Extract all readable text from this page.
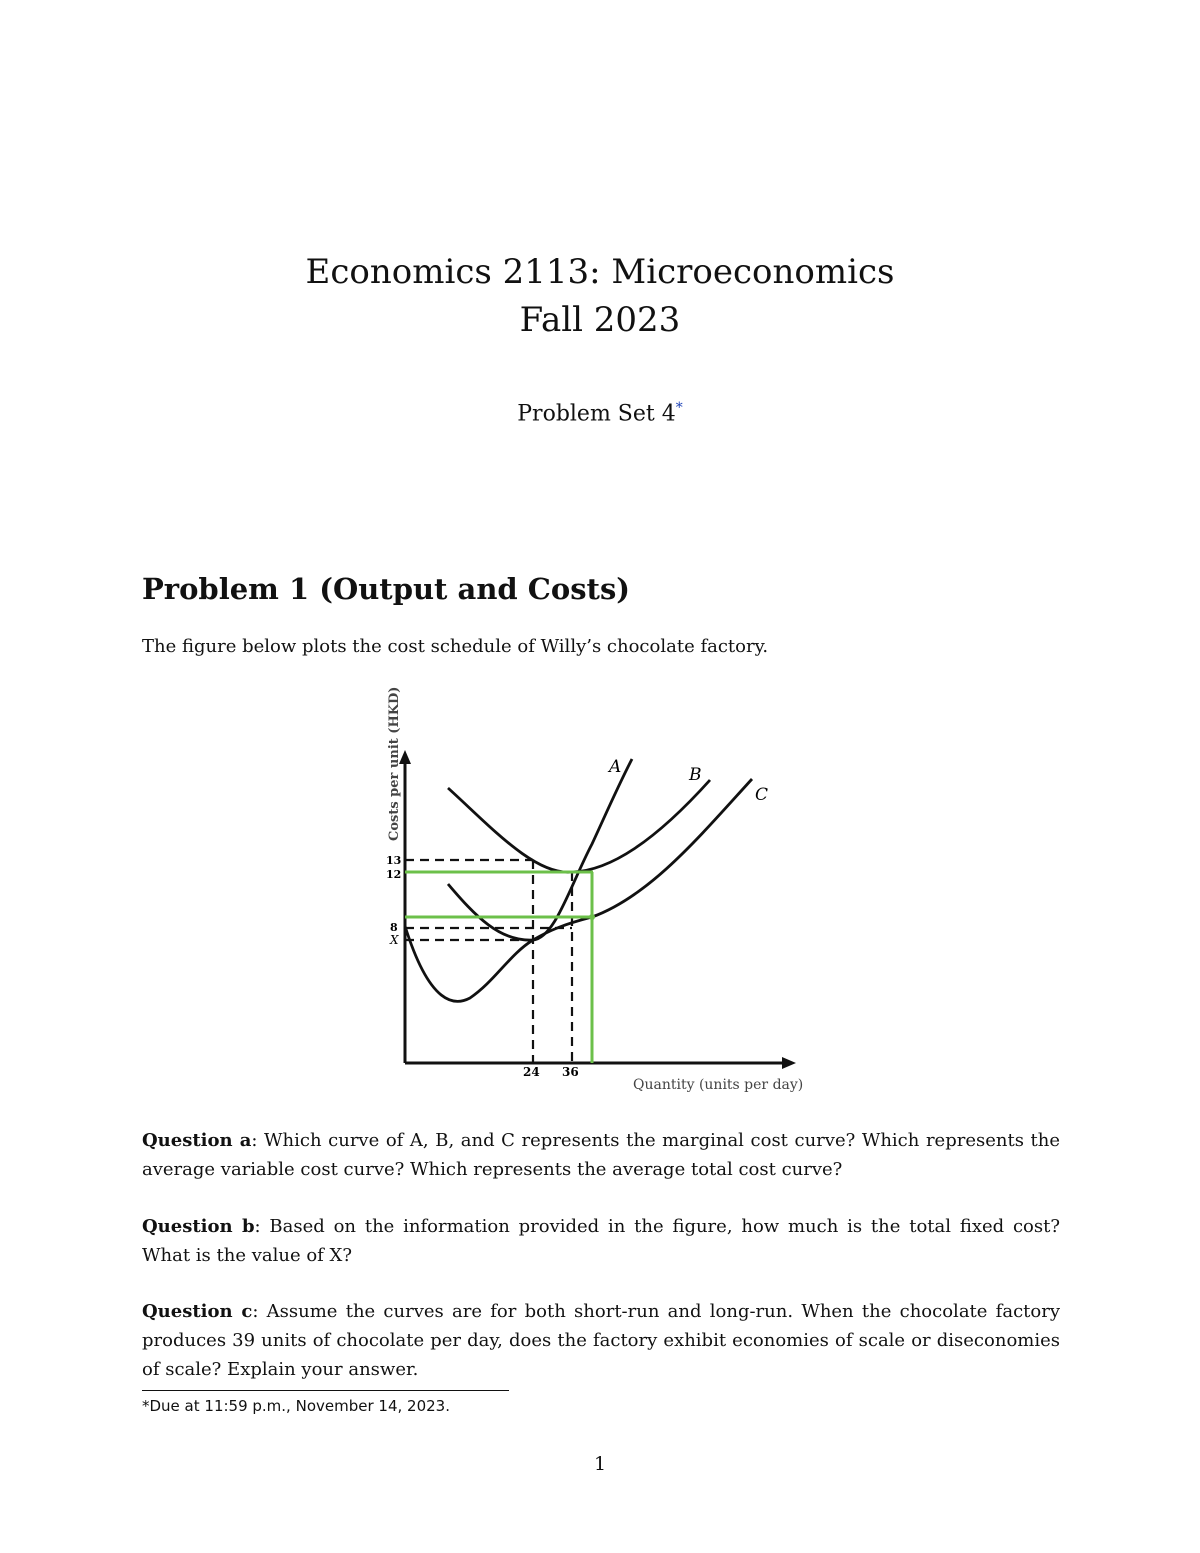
Economics 2113: Microeconomics
Fall 2023
Problem Set 4*
Problem 1 (Output and Costs)
The figure below plots the cost schedule of Willy’s chocolate factory.
Costs per unit (HKD)
Quantity (units per day)
13
12
8
X
24 36
A	B
C
Question a: Which curve of A, B, and C represents the marginal cost curve? Which represents the average variable cost curve? Which represents the average total cost curve?
Question b: Based on the information provided in the figure, how much is the total fixed cost? What is the value of X?
Question c: Assume the curves are for both short-run and long-run. When the chocolate factory produces 39 units of chocolate per day, does the factory exhibit economies of scale or diseconomies of scale? Explain your answer.
*Due at 11:59 p.m., November 14, 2023.
1
